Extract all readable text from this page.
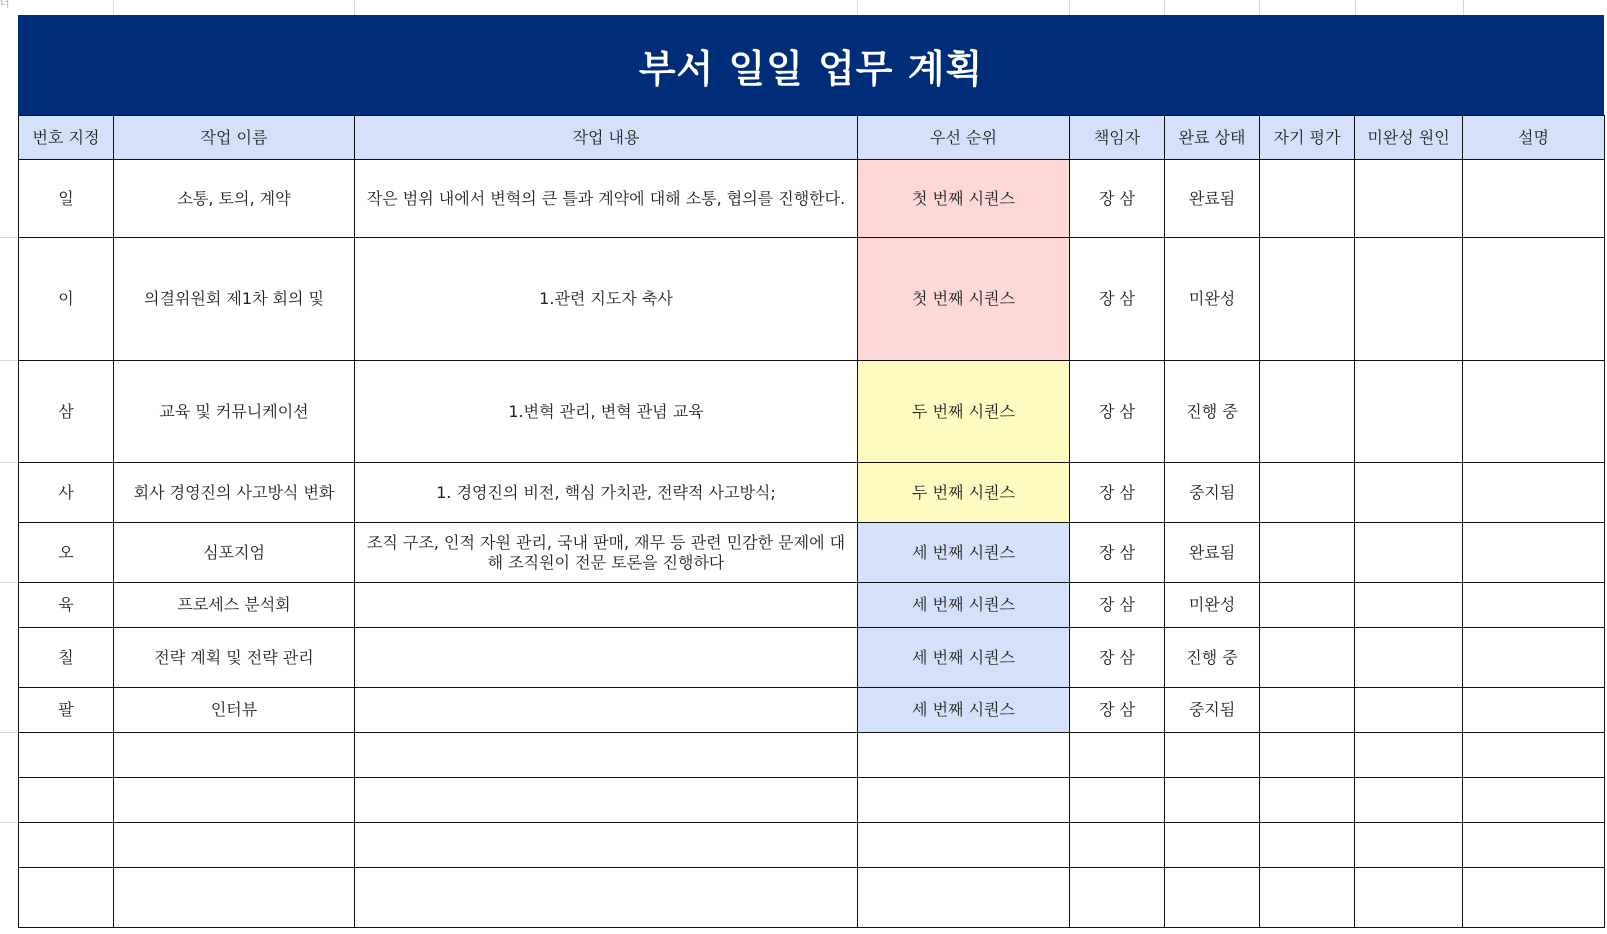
너
부서 일일 업무 계획
번호 지정	작업 이름	작업 내용	우선 순위	책임자	완료 상태	자기 평가	미완성 원인	설명
일	소통, 토의, 계약	작은 범위 내에서 변혁의 큰 틀과 계약에 대해 소통, 협의를 진행한다.	첫 번째 시퀀스	장 삼	완료됨			
이	의결위원회 제1차 회의 및	1.관련 지도자 축사	첫 번째 시퀀스	장 삼	미완성			
삼	교육 및 커뮤니케이션	1.변혁 관리, 변혁 관념 교육	두 번째 시퀀스	장 삼	진행 중			
사	회사 경영진의 사고방식 변화	1. 경영진의 비전, 핵심 가치관, 전략적 사고방식;	두 번째 시퀀스	장 삼	중지됨			
오	심포지엄	조직 구조, 인적 자원 관리, 국내 판매, 재무 등 관련 민감한 문제에 대해 조직원이 전문 토론을 진행하다	세 번째 시퀀스	장 삼	완료됨			
육	프로세스 분석회		세 번째 시퀀스	장 삼	미완성			
칠	전략 계획 및 전략 관리		세 번째 시퀀스	장 삼	진행 중			
팔	인터뷰		세 번째 시퀀스	장 삼	중지됨			
